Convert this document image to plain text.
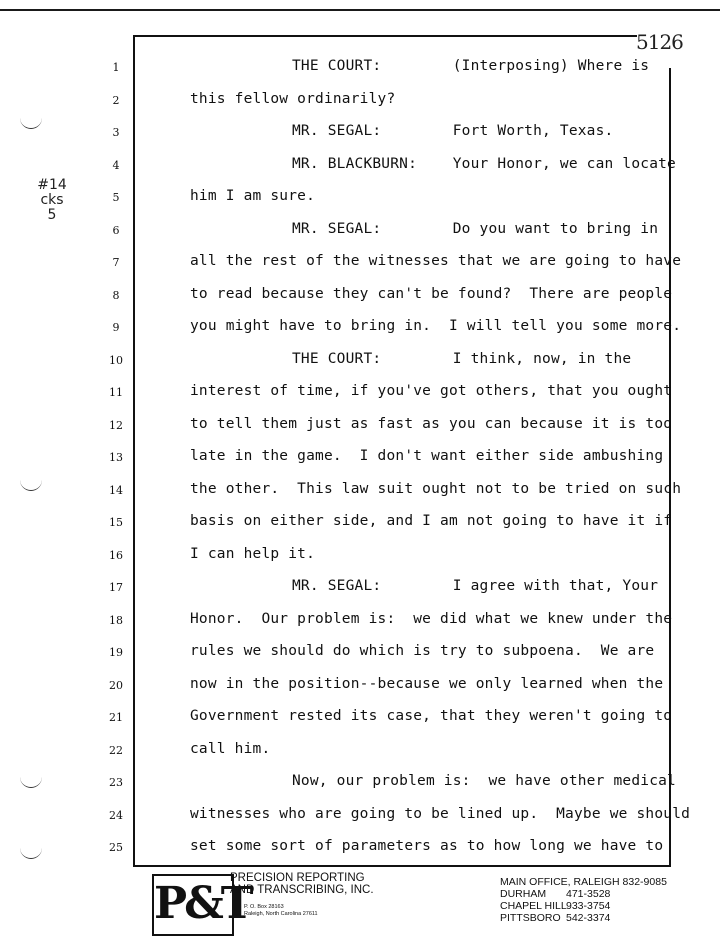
5126
#14
cks
5
1	THE COURT:        (Interposing) Where is
2	this fellow ordinarily?
3	MR. SEGAL:        Fort Worth, Texas.
4	MR. BLACKBURN:    Your Honor, we can locate
5	him I am sure.
6	MR. SEGAL:        Do you want to bring in
7	all the rest of the witnesses that we are going to have
8	to read because they can't be found?  There are people
9	you might have to bring in.  I will tell you some more.
10	THE COURT:        I think, now, in the
11	interest of time, if you've got others, that you ought
12	to tell them just as fast as you can because it is too
13	late in the game.  I don't want either side ambushing
14	the other.  This law suit ought not to be tried on such
15	basis on either side, and I am not going to have it if
16	I can help it.
17	MR. SEGAL:        I agree with that, Your
18	Honor.  Our problem is:  we did what we knew under the
19	rules we should do which is try to subpoena.  We are
20	now in the position--because we only learned when the
21	Government rested its case, that they weren't going to
22	call him.
23	Now, our problem is:  we have other medical
24	witnesses who are going to be lined up.  Maybe we should
25	set some sort of parameters as to how long we have to
P&T
PRECISION REPORTING
AND TRANSCRIBING, INC.
P. O. Box 28163
Raleigh, North Carolina 27611
MAIN OFFICE, RALEIGH 832-9085
DURHAM 471-3528
CHAPEL HILL933-3754
PITTSBORO 542-3374
